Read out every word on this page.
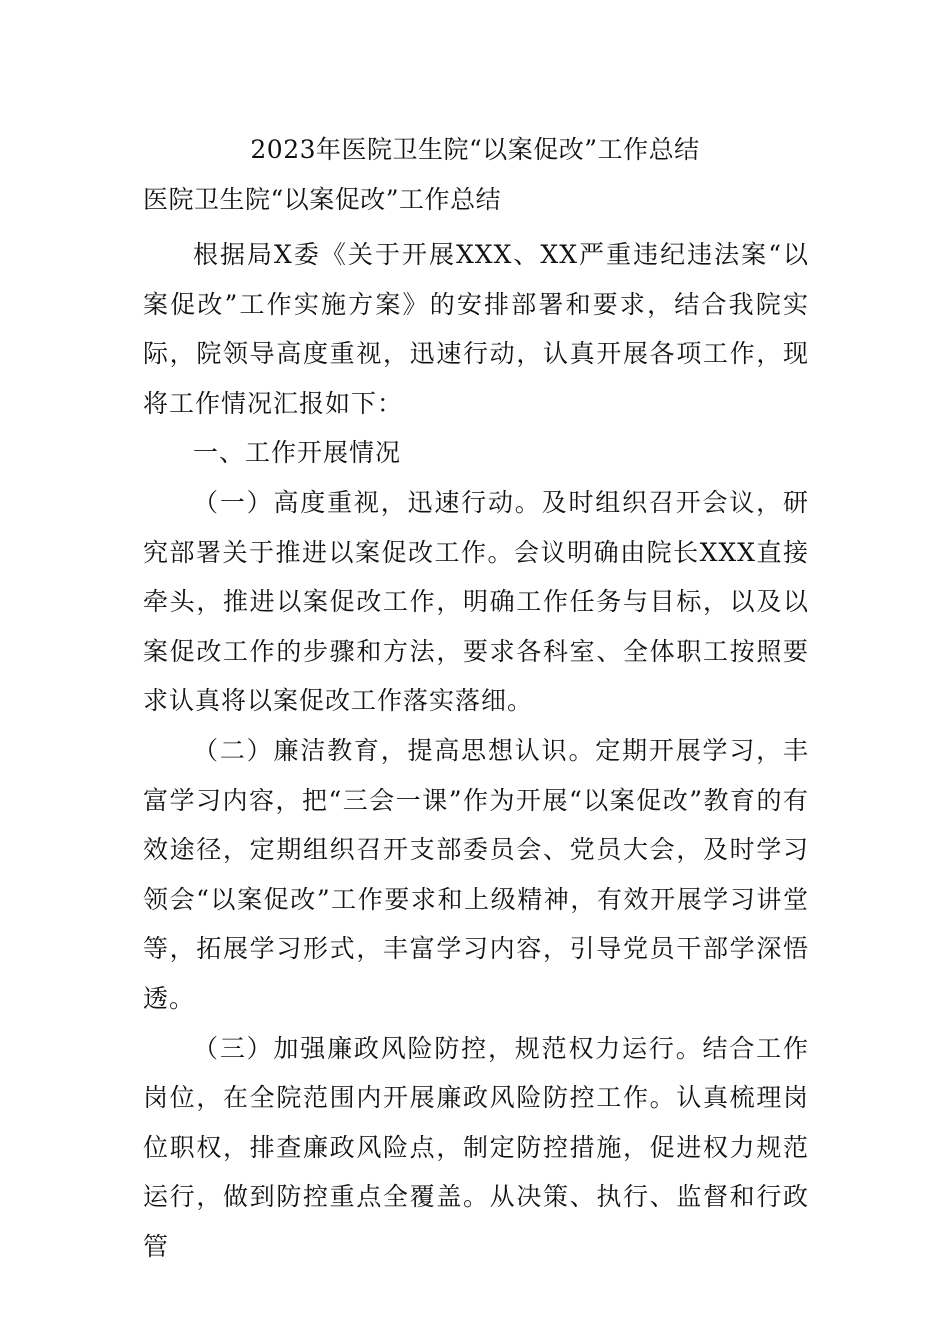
2023年医院卫生院“以案促改”工作总结
医院卫生院“以案促改”工作总结

根据局X委《关于开展XXX、XX严重违纪违法案“以案促改”工作实施方案》的安排部署和要求，结合我院实际，院领导高度重视，迅速行动，认真开展各项工作，现将工作情况汇报如下：

一、工作开展情况

（一）高度重视，迅速行动。及时组织召开会议，研究部署关于推进以案促改工作。会议明确由院长XXX直接牵头，推进以案促改工作，明确工作任务与目标，以及以案促改工作的步骤和方法，要求各科室、全体职工按照要求认真将以案促改工作落实落细。

（二）廉洁教育，提高思想认识。定期开展学习，丰富学习内容，把“三会一课”作为开展“以案促改”教育的有效途径，定期组织召开支部委员会、党员大会，及时学习领会“以案促改”工作要求和上级精神，有效开展学习讲堂等，拓展学习形式，丰富学习内容，引导党员干部学深悟透。

（三）加强廉政风险防控，规范权力运行。结合工作岗位，在全院范围内开展廉政风险防控工作。认真梳理岗位职权，排查廉政风险点，制定防控措施，促进权力规范运行，做到防控重点全覆盖。从决策、执行、监督和行政管
